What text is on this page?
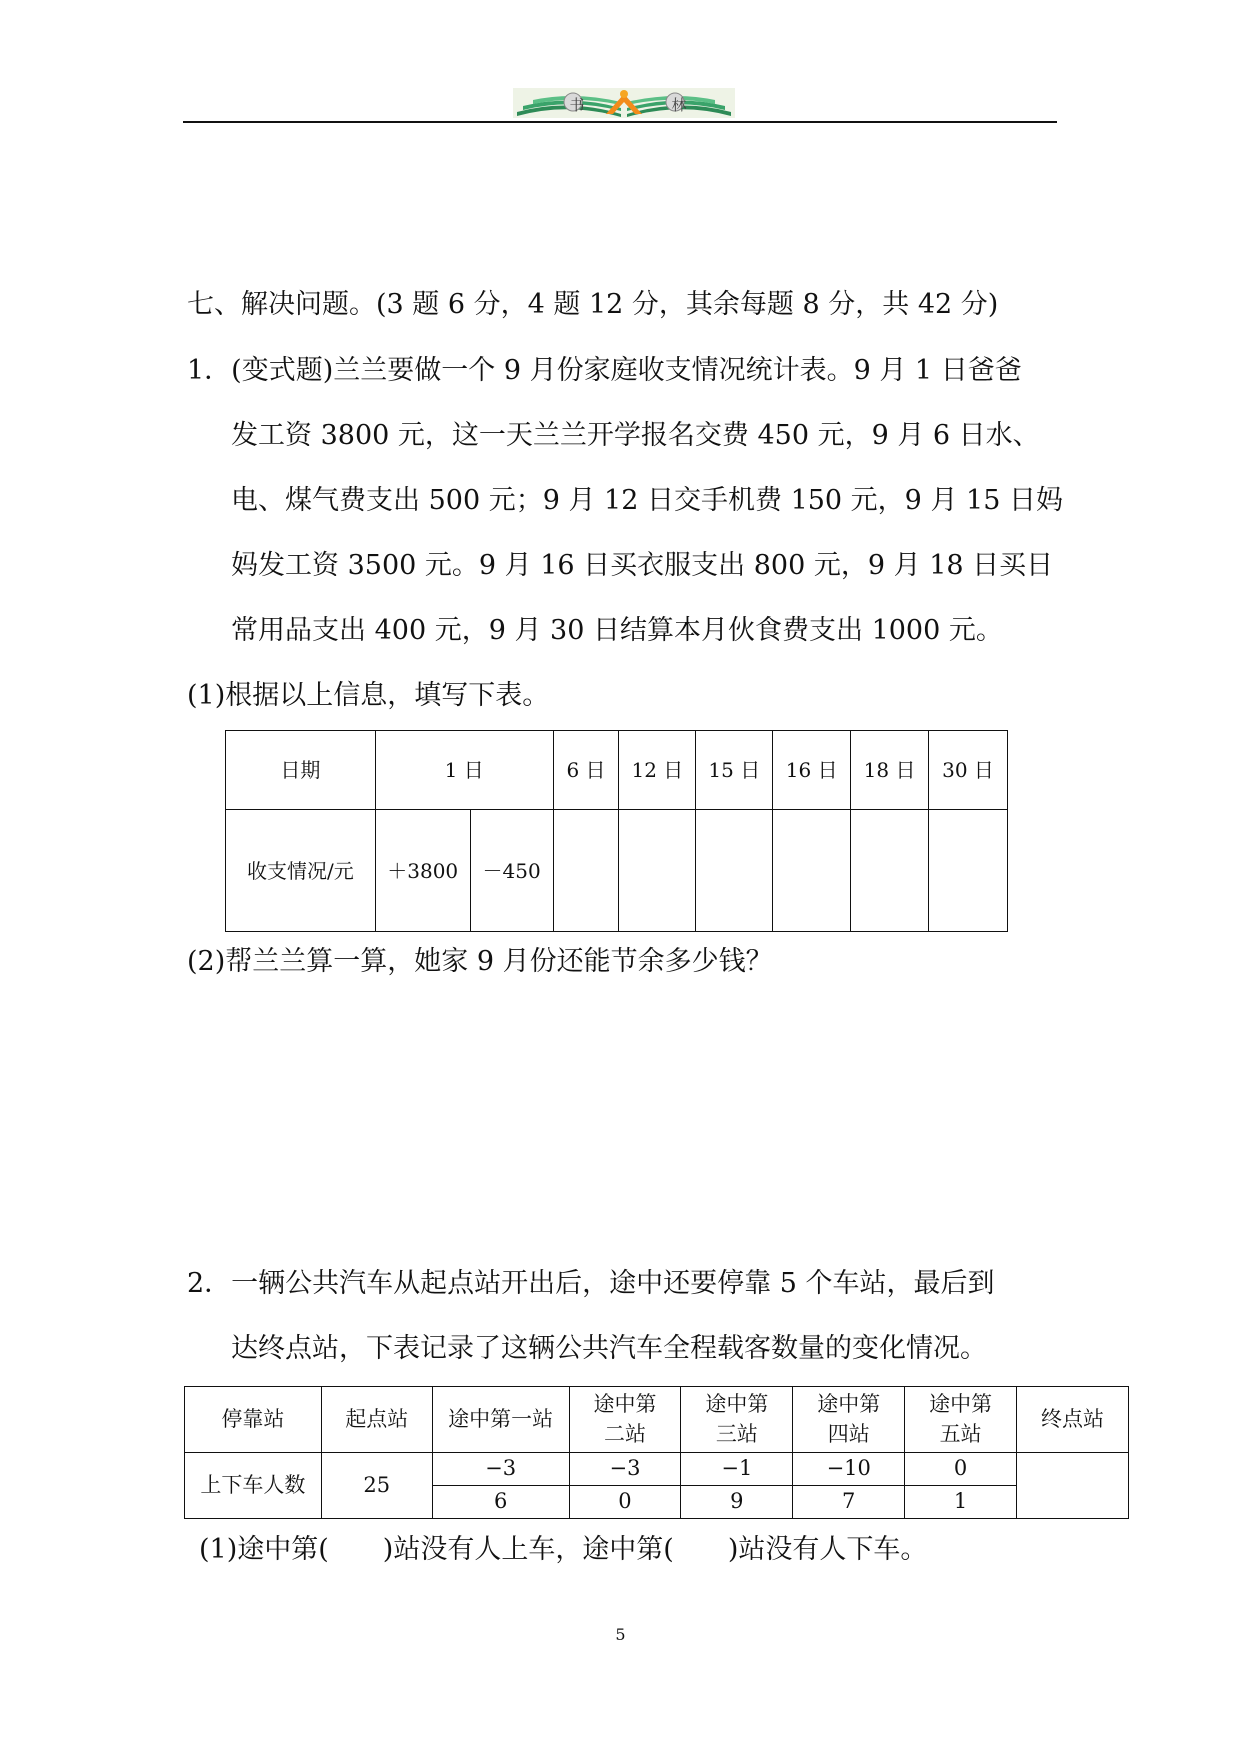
书	林
七、解决问题。(3 题 6 分，4 题 12 分，其余每题 8 分，共 42 分)
1．(变式题)兰兰要做一个 9 月份家庭收支情况统计表。9 月 1 日爸爸
发工资 3800 元，这一天兰兰开学报名交费 450 元，9 月 6 日水、
电、煤气费支出 500 元；9 月 12 日交手机费 150 元，9 月 15 日妈
妈发工资 3500 元。9 月 16 日买衣服支出 800 元，9 月 18 日买日
常用品支出 400 元，9 月 30 日结算本月伙食费支出 1000 元。
(1)根据以上信息，填写下表。
日期	1 日		6 日	12 日	15 日	16 日	18 日	30 日
收支情况/元	＋3800	－450						
(2)帮兰兰算一算，她家 9 月份还能节余多少钱？
2．一辆公共汽车从起点站开出后，途中还要停靠 5 个车站，最后到
达终点站，下表记录了这辆公共汽车全程载客数量的变化情况。
停靠站	起点站	途中第一站	途中第
二站	途中第
三站	途中第
四站	途中第
五站	终点站
上下车人数	25	−3	−3	−1	−10	0	
		6	0	9	7	1	
(1)途中第(　　)站没有人上车，途中第(　　)站没有人下车。
5
